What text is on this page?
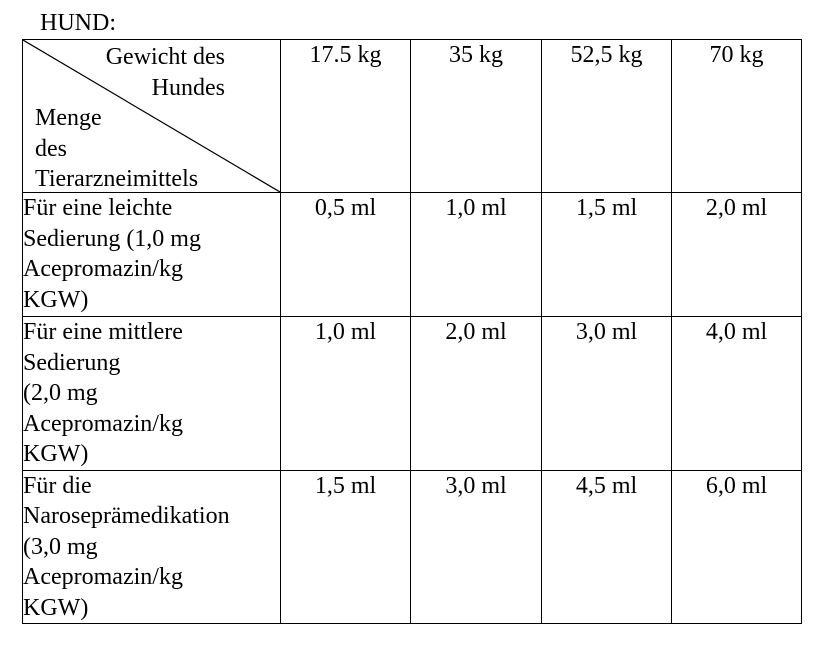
HUND:
Gewicht des
Hundes
Menge
des
Tierarzneimittels	17.5 kg	35 kg	52,5 kg	70 kg

Für eine leichte
Sedierung (1,0 mg
Acepromazin/kg
KGW)	0,5 ml	1,0 ml	1,5 ml	2,0 ml

Für eine mittlere
Sedierung
(2,0 mg
Acepromazin/kg
KGW)	1,0 ml	2,0 ml	3,0 ml	4,0 ml

Für die
Narosеprämedikation
(3,0 mg
Acepromazin/kg
KGW)	1,5 ml	3,0 ml	4,5 ml	6,0 ml
